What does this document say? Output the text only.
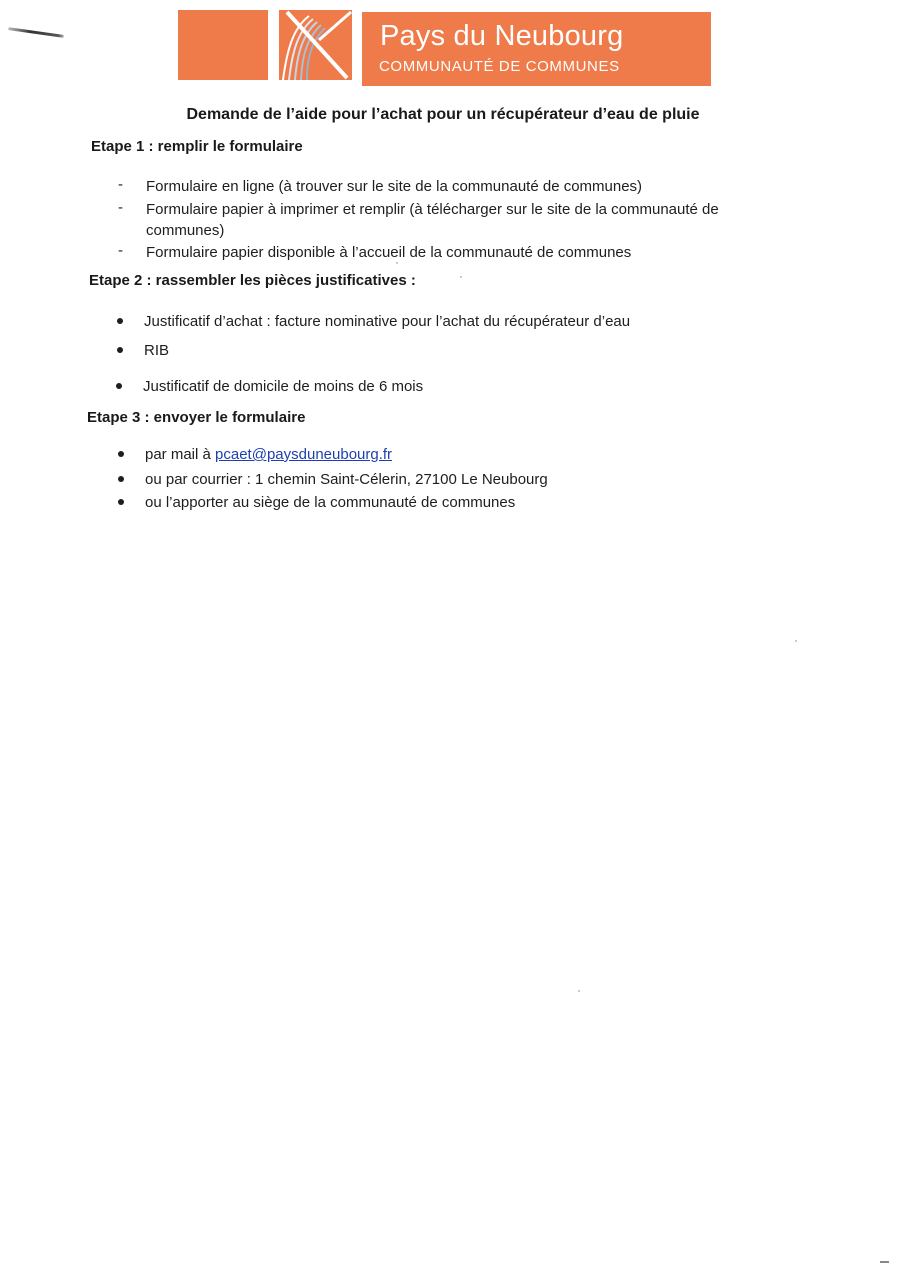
Pays du Neubourg
COMMUNAUTÉ DE COMMUNES
Demande de l’aide pour l’achat pour un récupérateur d’eau de pluie
Etape 1 : remplir le formulaire
- Formulaire en ligne (à trouver sur le site de la communauté de communes)
- Formulaire papier à imprimer et remplir (à télécharger sur le site de la communauté de communes)
- Formulaire papier disponible à l’accueil de la communauté de communes
Etape 2 : rassembler les pièces justificatives :
Justificatif d’achat : facture nominative pour l’achat du récupérateur d’eau
RIB
Justificatif de domicile de moins de 6 mois
Etape 3 : envoyer le formulaire
par mail à pcaet@paysduneubourg.fr
ou par courrier : 1 chemin Saint-Célerin, 27100 Le Neubourg
ou l’apporter au siège de la communauté de communes
